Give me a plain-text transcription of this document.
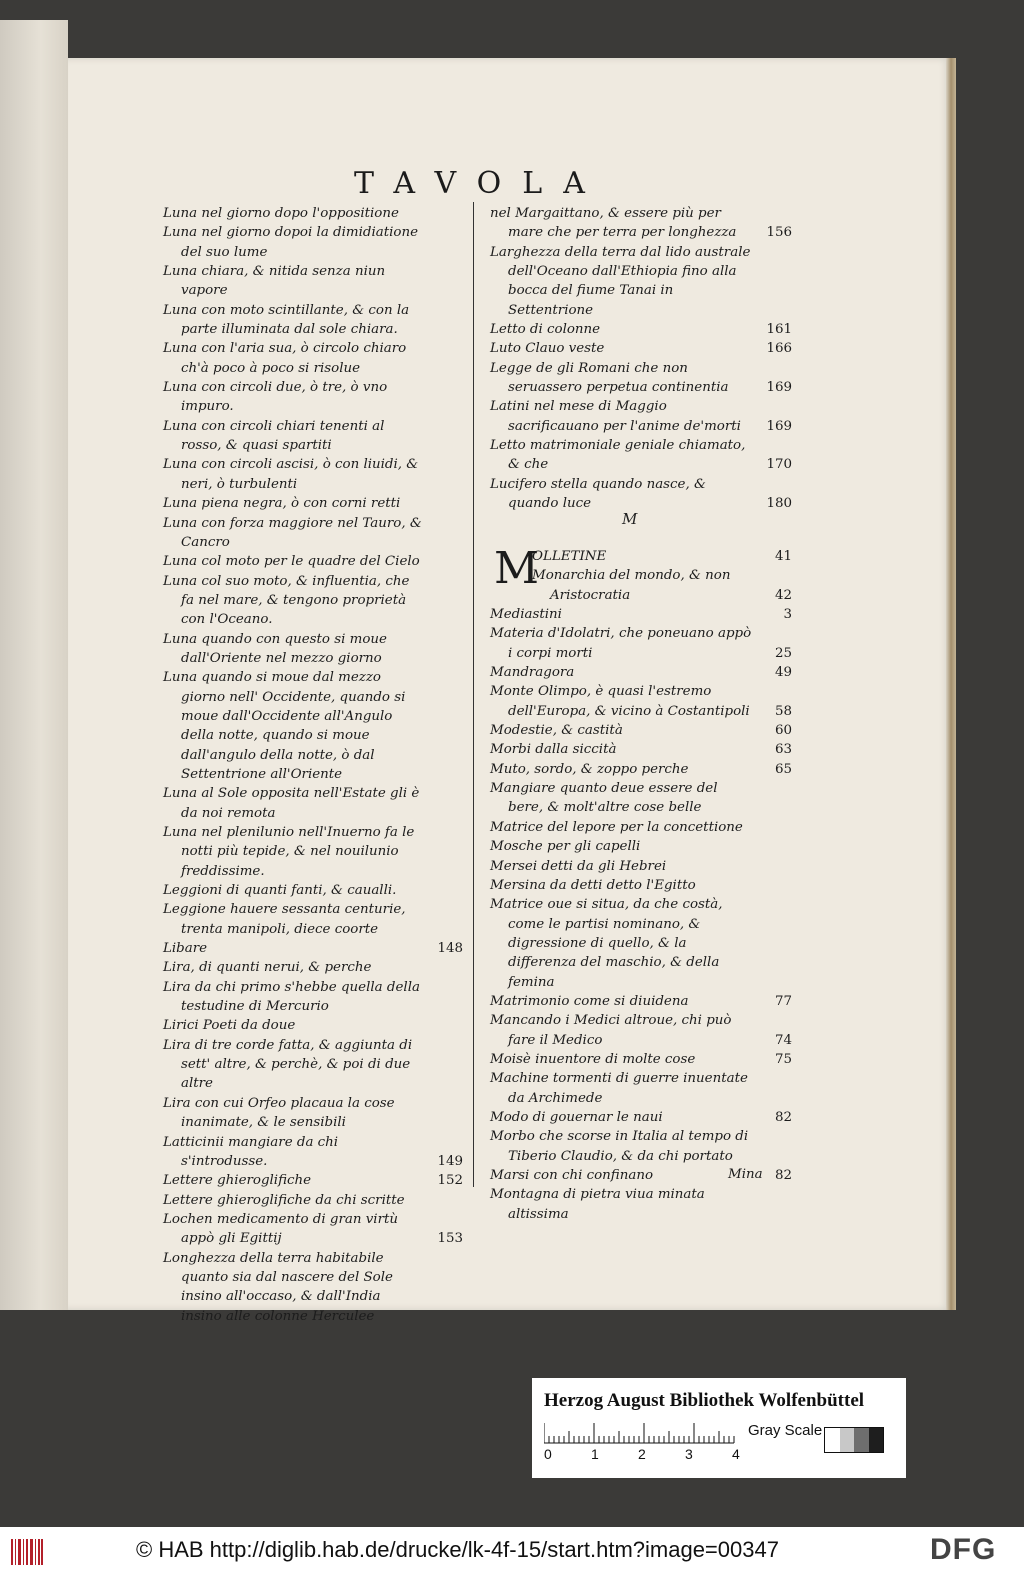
TAVOLA
Luna nel giorno dopo l'oppositione
Luna nel giorno dopoi la dimidiatione del suo lume
Luna chiara, & nitida senza niun vapore
Luna con moto scintillante, & con la parte illuminata dal sole chiara.
Luna con l'aria sua, ò circolo chiaro ch'à poco à poco si risolue
Luna con circoli due, ò tre, ò vno impuro.
Luna con circoli chiari tenenti al rosso, & quasi spartiti
Luna con circoli ascisi, ò con liuidi, & neri, ò turbulenti
Luna piena negra, ò con corni retti
Luna con forza maggiore nel Tauro, & Cancro
Luna col moto per le quadre del Cielo
Luna col suo moto, & influentia, che fa nel mare, & tengono proprietà con l'Oceano.
Luna quando con questo si moue dall'Oriente nel mezzo giorno
Luna quando si moue dal mezzo giorno nell' Occidente, quando si moue dall'Occidente all'Angulo della notte, quando si moue dall'angulo della notte, ò dal Settentrione all'Oriente
Luna al Sole opposita nell'Estate gli è da noi remota
Luna nel plenilunio nell'Inuerno fa le notti più tepide, & nel nouilunio freddissime.
Leggioni di quanti fanti, & caualli.
Leggione hauere sessanta centurie, trenta manipoli, diece coorte
Libare	148
Lira, di quanti nerui, & perche
Lira da chi primo s'hebbe quella della testudine di Mercurio
Lirici Poeti da doue
Lira di tre corde fatta, & aggiunta di sett' altre, & perchè, & poi di due altre
Lira con cui Orfeo placaua la cose inanimate, & le sensibili
Latticinii mangiare da chi s'introdusse.	149
Lettere ghieroglifiche	152
Lettere ghieroglifiche da chi scritte
Lochen medicamento di gran virtù appò gli Egittij	153
Longhezza della terra habitabile quanto sia dal nascere del Sole insino all'occaso, & dall'India insino alle colonne Herculee
nel Margaittano, & essere più per mare che per terra per longhezza	156
Larghezza della terra dal lido australe dell'Oceano dall'Ethiopia fino alla bocca del fiume Tanai in Settentrione
Letto di colonne	161
Luto Clauo veste	166
Legge de gli Romani che non seruassero perpetua continentia	169
Latini nel mese di Maggio sacrificauano per l'anime de'morti	169
Letto matrimoniale geniale chiamato, & che	170
Lucifero stella quando nasce, & quando luce	180
M
M
OLLETINE	41
Monarchia del mondo, & non Aristocratia	42
Mediastini	3
Materia d'Idolatri, che poneuano appò i corpi morti	25
Mandragora	49
Monte Olimpo, è quasi l'estremo dell'Europa, & vicino à Costantipoli 58
Modestie, & castità	60
Morbi dalla siccità	63
Muto, sordo, & zoppo perche	65
Mangiare quanto deue essere del bere, & molt'altre cose belle
Matrice del lepore per la concettione
Mosche per gli capelli
Mersei detti da gli Hebrei
Mersina da detti detto l'Egitto
Matrice oue si situa, da che costà, come le partisi nominano, & digressione di quello, & la differenza del maschio, & della femina
Matrimonio come si diuidena	77
Mancando i Medici altroue, chi può fare il Medico	74
Moisè inuentore di molte cose	75
Machine tormenti di guerre inuentate da Archimede
Modo di gouernar le naui	82
Morbo che scorse in Italia al tempo di Tiberio Claudio, & da chi portato
Marsi con chi confinano	82
Montagna di pietra viua minata altissima
Mina
Herzog August Bibliothek Wolfenbüttel
0	1	2	3	4
Gray Scale
© HAB http://diglib.hab.de/drucke/lk-4f-15/start.htm?image=00347	DFG
